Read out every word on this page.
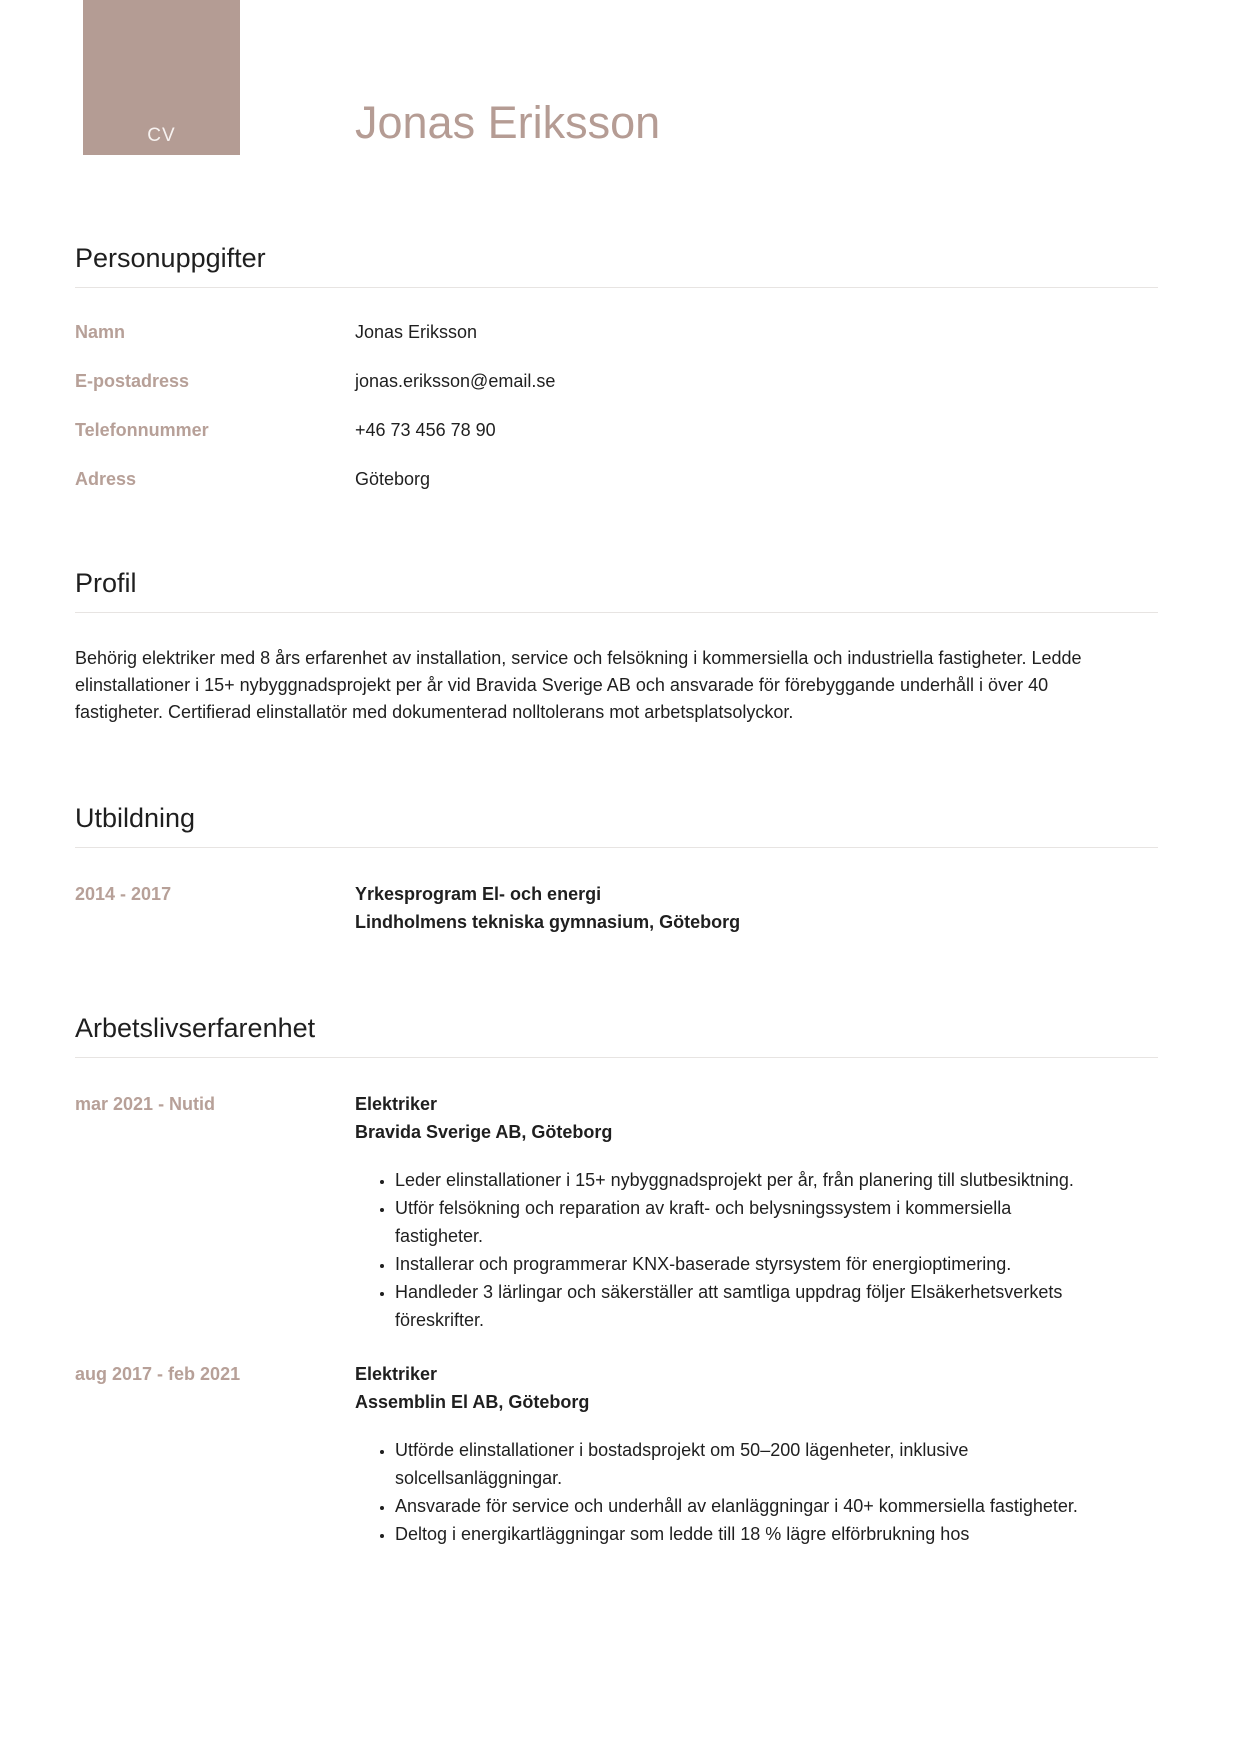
CV	Jonas Eriksson
Personuppgifter
Namn	Jonas Eriksson
E-postadress	jonas.eriksson@email.se
Telefonnummer	+46 73 456 78 90
Adress	Göteborg
Profil

Behörig elektriker med 8 års erfarenhet av installation, service och felsökning i kommersiella och industriella fastigheter. Ledde elinstallationer i 15+ nybyggnadsprojekt per år vid Bravida Sverige AB och ansvarade för förebyggande underhåll i över 40 fastigheter. Certifierad elinstallatör med dokumenterad nolltolerans mot arbetsplatsolyckor.

Utbildning
2014 - 2017	Yrkesprogram El- och energi
Lindholmens tekniska gymnasium, Göteborg
Arbetslivserfarenhet
mar 2021 - Nutid	Elektriker
Bravida Sverige AB, Göteborg
• Leder elinstallationer i 15+ nybyggnadsprojekt per år, från planering till slutbesiktning.
• Utför felsökning och reparation av kraft- och belysningssystem i kommersiella fastigheter.
• Installerar och programmerar KNX-baserade styrsystem för energioptimering.
• Handleder 3 lärlingar och säkerställer att samtliga uppdrag följer Elsäkerhetsverkets föreskrifter.
aug 2017 - feb 2021	Elektriker
Assemblin El AB, Göteborg
• Utförde elinstallationer i bostadsprojekt om 50–200 lägenheter, inklusive solcellsanläggningar.
• Ansvarade för service och underhåll av elanläggningar i 40+ kommersiella fastigheter.
• Deltog i energikartläggningar som ledde till 18 % lägre elförbrukning hos
